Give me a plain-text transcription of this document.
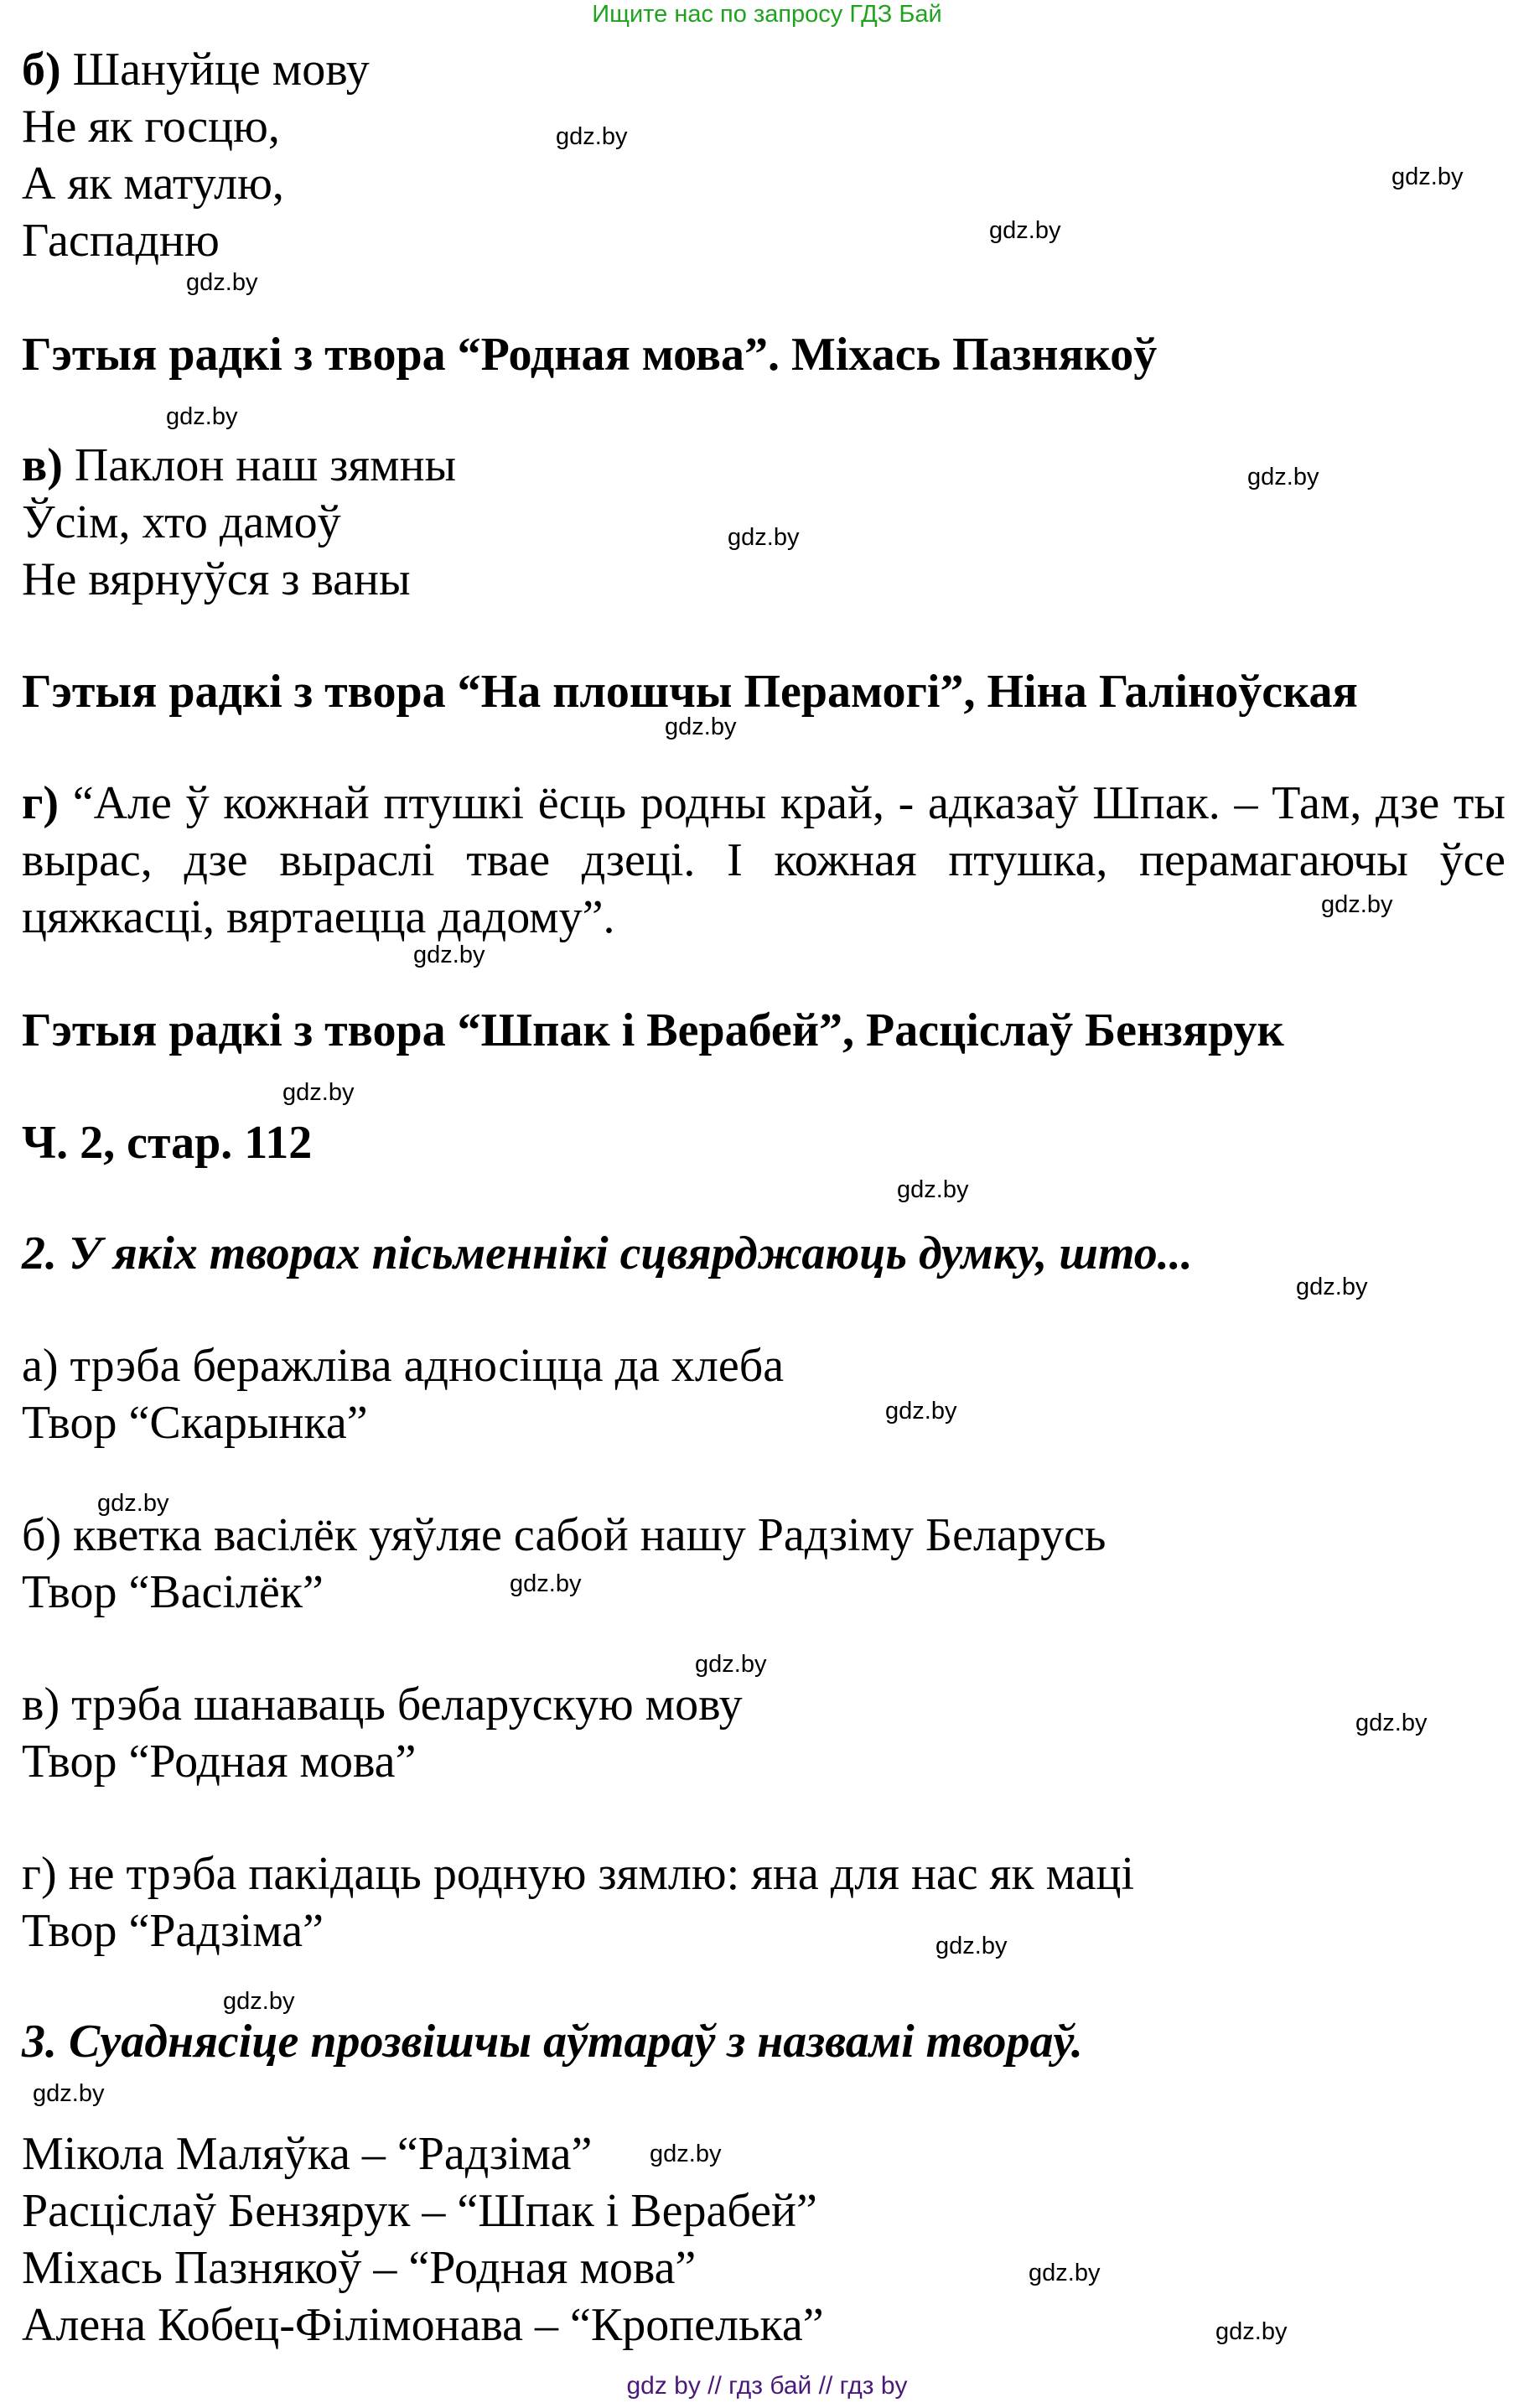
Ищите нас по запросу ГДЗ Бай
б) Шануйце мову
Не як госцю,
А як матулю,
Гаспадню
Гэтыя радкі з твора “Родная мова”. Міхась Пазнякоў
в) Паклон наш зямны
Ўсім, хто дамоў
Не вярнуўся з ваны
Гэтыя радкі з твора “На плошчы Перамогі”, Ніна Галіноўская
г) “Але ў кожнай птушкі ёсць родны край, - адказаў Шпак. – Там, дзе ты вырас, дзе выраслі тваe дзеці. І кожная птушка, перамагаючы ўсе цяжкасці, вяртаецца дадому”.
Гэтыя радкі з твора “Шпак і Верабей”, Расціслаў Бензярук
Ч. 2, стар. 112
2. У якіх творах пісьменнікі сцвярджаюць думку, што...
а) трэба беражліва адносіцца да хлеба
Твор “Скарынка”
б) кветка васілёк уяўляе сабой нашу Радзіму Беларусь
Твор “Васілёк”
в) трэба шанаваць беларускую мову
Твор “Родная мова”
г) не трэба пакідаць родную зямлю: яна для нас як маці
Твор “Радзіма”
3. Суаднясіце прозвішчы аўтараў з назвамі твораў.
Мікола Маляўка – “Радзіма”
Расціслаў Бензярук – “Шпак і Верабей”
Міхась Пазнякоў – “Родная мова”
Алена Кобец-Філімонава – “Кропелька”
gdz.by
gdz.by
gdz.by
gdz.by
gdz.by
gdz.by
gdz.by
gdz.by
gdz.by
gdz.by
gdz.by
gdz.by
gdz.by
gdz.by
gdz.by
gdz.by
gdz.by
gdz.by
gdz.by
gdz.by
gdz.by
gdz.by
gdz.by
gdz.by
gdz by // гдз бай // гдз by
